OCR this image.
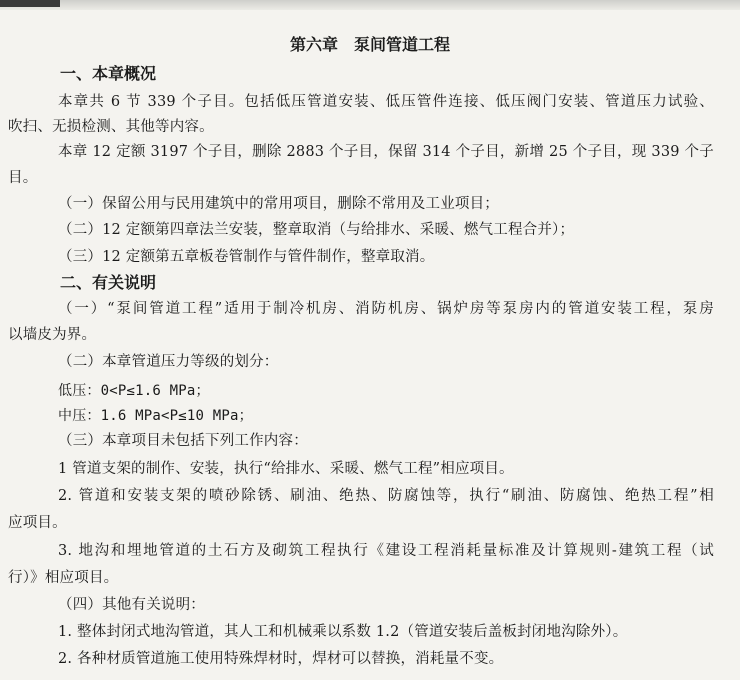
第六章　泵间管道工程
一、本章概况
本章共 6 节 339 个子目。包括低压管道安装、低压管件连接、低压阀门安装、管道压力试验、
吹扫、无损检测、其他等内容。
本章 12 定额 3197 个子目，删除 2883 个子目，保留 314 个子目，新增 25 个子目，现 339 个子
目。
（一）保留公用与民用建筑中的常用项目，删除不常用及工业项目；
（二）12 定额第四章法兰安装，整章取消（与给排水、采暖、燃气工程合并）；
（三）12 定额第五章板卷管制作与管件制作，整章取消。
二、有关说明
（一）“泵间管道工程”适用于制冷机房、消防机房、锅炉房等泵房内的管道安装工程，泵房
以墙皮为界。
（二）本章管道压力等级的划分：
低压：0<P≤1.6 MPa；
中压：1.6 MPa<P≤10 MPa；
（三）本章项目未包括下列工作内容：
1 管道支架的制作、安装，执行“给排水、采暖、燃气工程”相应项目。
2. 管道和安装支架的喷砂除锈、刷油、绝热、防腐蚀等，执行“刷油、防腐蚀、绝热工程”相
应项目。
3. 地沟和埋地管道的土石方及砌筑工程执行《建设工程消耗量标准及计算规则-建筑工程（试
行）》相应项目。
（四）其他有关说明：
1. 整体封闭式地沟管道，其人工和机械乘以系数 1.2（管道安装后盖板封闭地沟除外）。
2. 各种材质管道施工使用特殊焊材时，焊材可以替换，消耗量不变。
